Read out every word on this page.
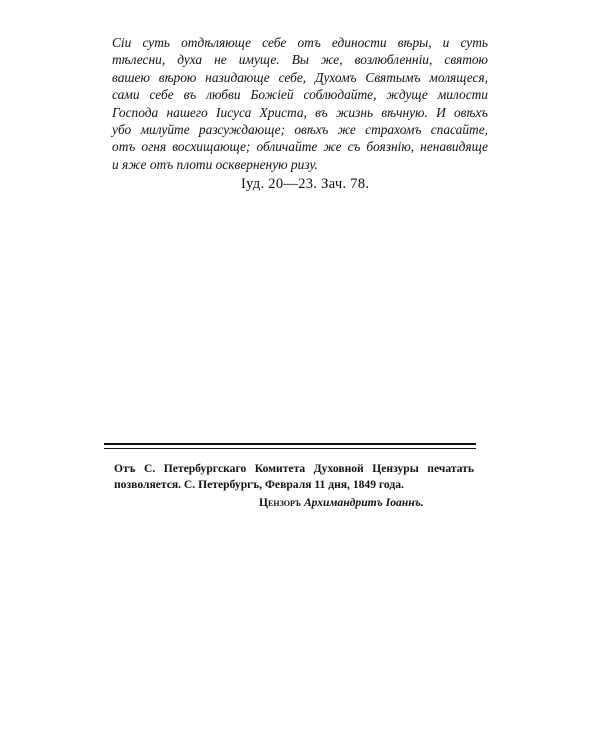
Сіи суть отдѣляюще себе отъ единости вѣры, и суть
тѣлесни, духа не имуще. Вы же, возлюбленніи, святою
вашею вѣрою назидающе себе, Духомъ Святымъ молящеся,
сами себе въ любви Божіей соблюдайте, ждуще милости
Господа нашего Іисуса Христа, въ жизнь вѣчную. И овѣхъ
убо милуйте разсуждающе; овѣхъ же страхомъ спасайте,
отъ огня восхищающе; обличайте же съ боязнію, ненавидяще
и яже отъ плоти оскверненую ризу.
Іуд. 20—23. Зач. 78.
Отъ С. Петербургскаго Комитета Духовной Цензуры печатать
позволяется. С. Петербургъ, Февраля 11 дня, 1849 года.
Цензоръ Архимандритъ Іоаннъ.
